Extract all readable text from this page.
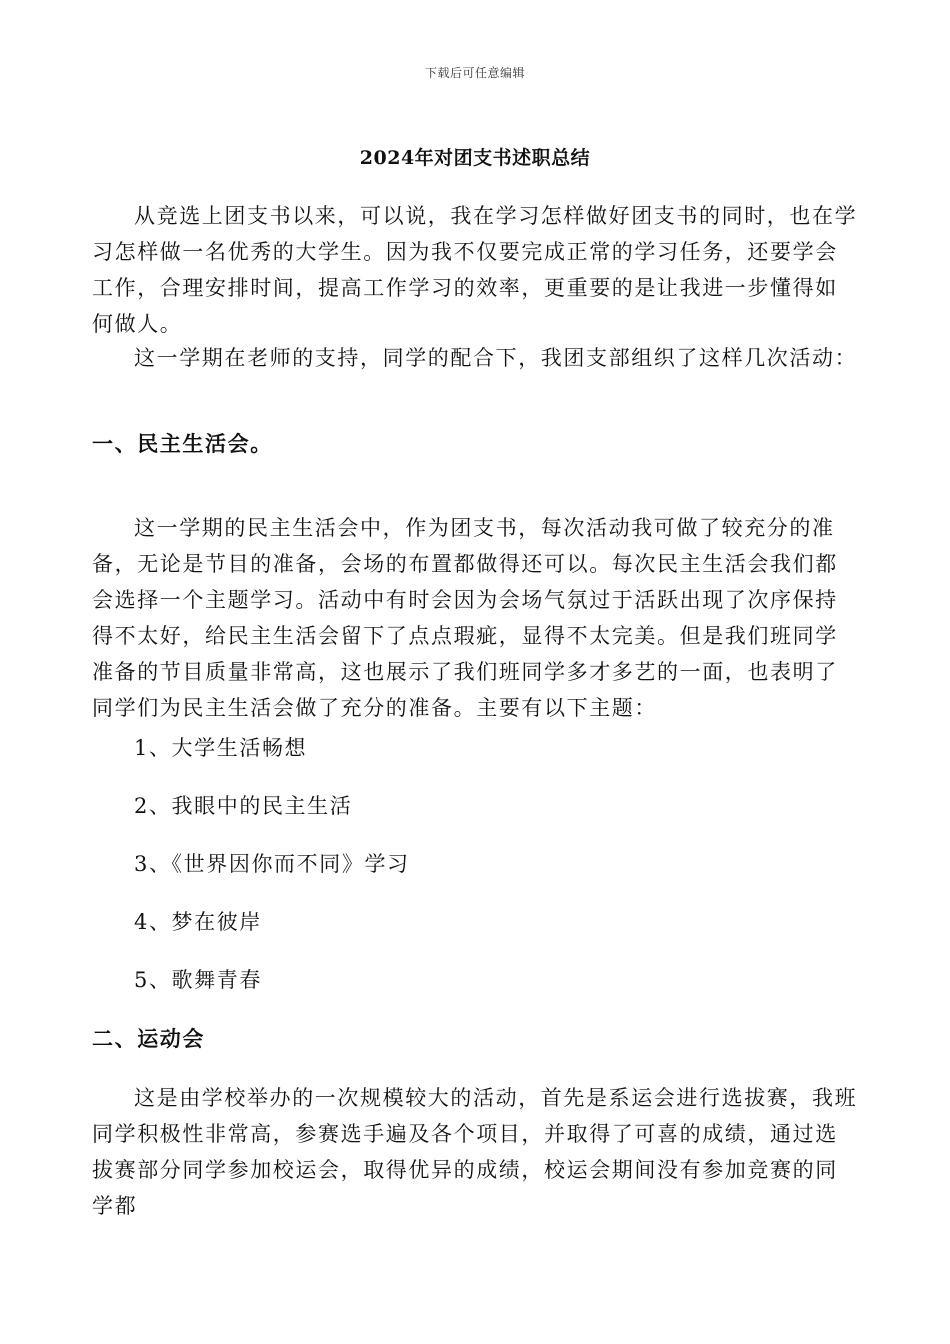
下载后可任意编辑
2024年对团支书述职总结

从竞选上团支书以来，可以说，我在学习怎样做好团支书的同时，也在学习怎样做一名优秀的大学生。因为我不仅要完成正常的学习任务，还要学会工作，合理安排时间，提高工作学习的效率，更重要的是让我进一步懂得如何做人。

这一学期在老师的支持，同学的配合下，我团支部组织了这样几次活动：

一、民主生活会。

这一学期的民主生活会中，作为团支书，每次活动我可做了较充分的准备，无论是节目的准备，会场的布置都做得还可以。每次民主生活会我们都会选择一个主题学习。活动中有时会因为会场气氛过于活跃出现了次序保持得不太好，给民主生活会留下了点点瑕疵，显得不太完美。但是我们班同学准备的节目质量非常高，这也展示了我们班同学多才多艺的一面，也表明了同学们为民主生活会做了充分的准备。主要有以下主题：

1、大学生活畅想
2、我眼中的民主生活
3、《世界因你而不同》学习
4、梦在彼岸
5、歌舞青春

二、运动会

这是由学校举办的一次规模较大的活动，首先是系运会进行选拔赛，我班同学积极性非常高，参赛选手遍及各个项目，并取得了可喜的成绩，通过选拔赛部分同学参加校运会，取得优异的成绩，校运会期间没有参加竞赛的同学都
